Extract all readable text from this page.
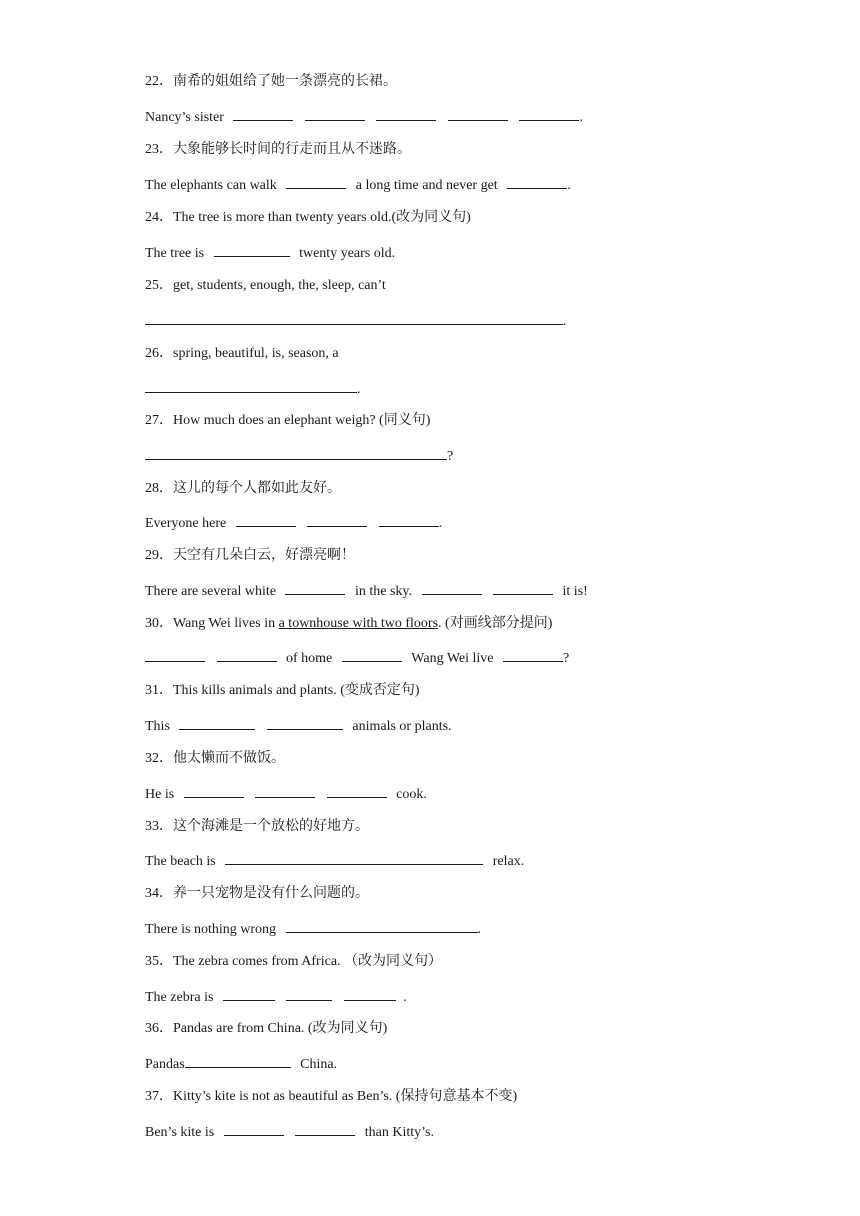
22．南希的姐姐给了她一条漂亮的长裙。
Nancy’s sister	.
23．大象能够长时间的行走而且从不迷路。
The elephants can walk	a long time and never get	.
24．The tree is more than twenty years old.(改为同义句)
The tree is	twenty years old.
25．get, students, enough, the, sleep, can’t
.
26．spring, beautiful, is, season, a
.
27．How much does an elephant weigh? (同义句)
?
28．这儿的每个人都如此友好。
Everyone here	.
29．天空有几朵白云，好漂亮啊！
There are several white	in the sky.	it is!
30．Wang Wei lives in a townhouse with two floors. (对画线部分提问)
of home	Wang Wei live	?
31．This kills animals and plants. (变成否定句)
This	animals or plants.
32．他太懒而不做饭。
He is	cook.
33．这个海滩是一个放松的好地方。
The beach is	relax.
34．养一只宠物是没有什么问题的。
There is nothing wrong	.
35．The zebra comes from Africa. （改为同义句）
The zebra is	.
36．Pandas are from China. (改为同义句)
Pandas	China.
37．Kitty’s kite is not as beautiful as Ben’s. (保持句意基本不变)
Ben’s kite is	than Kitty’s.
